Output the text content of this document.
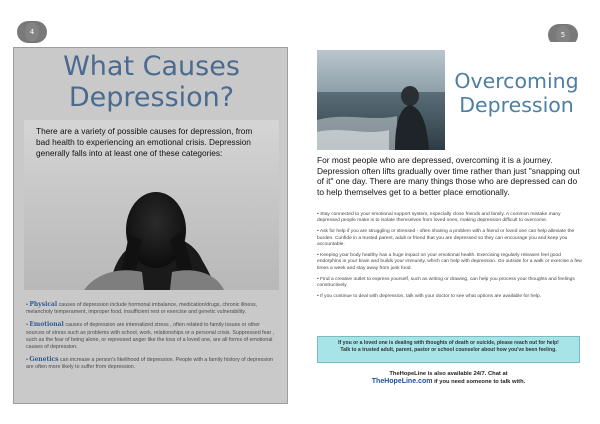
4	5
What Causes
Depression?
There are a variety of possible causes for depression, from bad health to experiencing an emotional crisis. Depression generally falls into at least one of these categories:
• Physical causes of depression include hormonal imbalance, medication/drugs, chronic illness, melancholy temperament, improper food, insufficient rest or exercise and genetic vulnerability.
• Emotional causes of depression are internalized stress , often related to family issues or other sources of stress such as problems with school, work, relationships or a personal crisis. Suppressed fear , such as the fear of being alone, or repressed anger like the loss of a loved one, are all forms of emotional causes of depression.
• Genetics can increase a person's likelihood of depression. People with a family history of depression are often more likely to suffer from depression.
Overcoming
Depression
For most people who are depressed, overcoming it is a journey. Depression often lifts gradually over time rather than just "snapping out of it" one day. There are many things those who are depressed can do to help themselves get to a better place emotionally.
• Stay connected to your emotional support system, especially close friends and family. A common mistake many depressed people make is to isolate themselves from loved ones, making depression difficult to overcome.
• Ask for help if you are struggling or stressed - often sharing a problem with a friend or loved one can help alleviate the burden. Confide in a trusted parent, adult or friend that you are depressed so they can encourage you and keep you accountable.
• Keeping your body healthy has a huge impact on your emotional health. Exercising regularly releases feel good endorphins in your brain and builds your immunity, which can help with depression. Go outside for a walk or exercise a few times a week and stay away from junk food.
• Find a creative outlet to express yourself, such as writing or drawing, can help you process your thoughts and feelings constructively.
• If you continue to deal with depression, talk with your doctor to see what options are available for help.
If you or a loved one is dealing with thoughts of death or suicide, please reach out for help!
Talk to a trusted adult, parent, pastor or school counselor about how you've been feeling.
TheHopeLine is also available 24/7. Chat at
TheHopeLine.com if you need someone to talk with.
